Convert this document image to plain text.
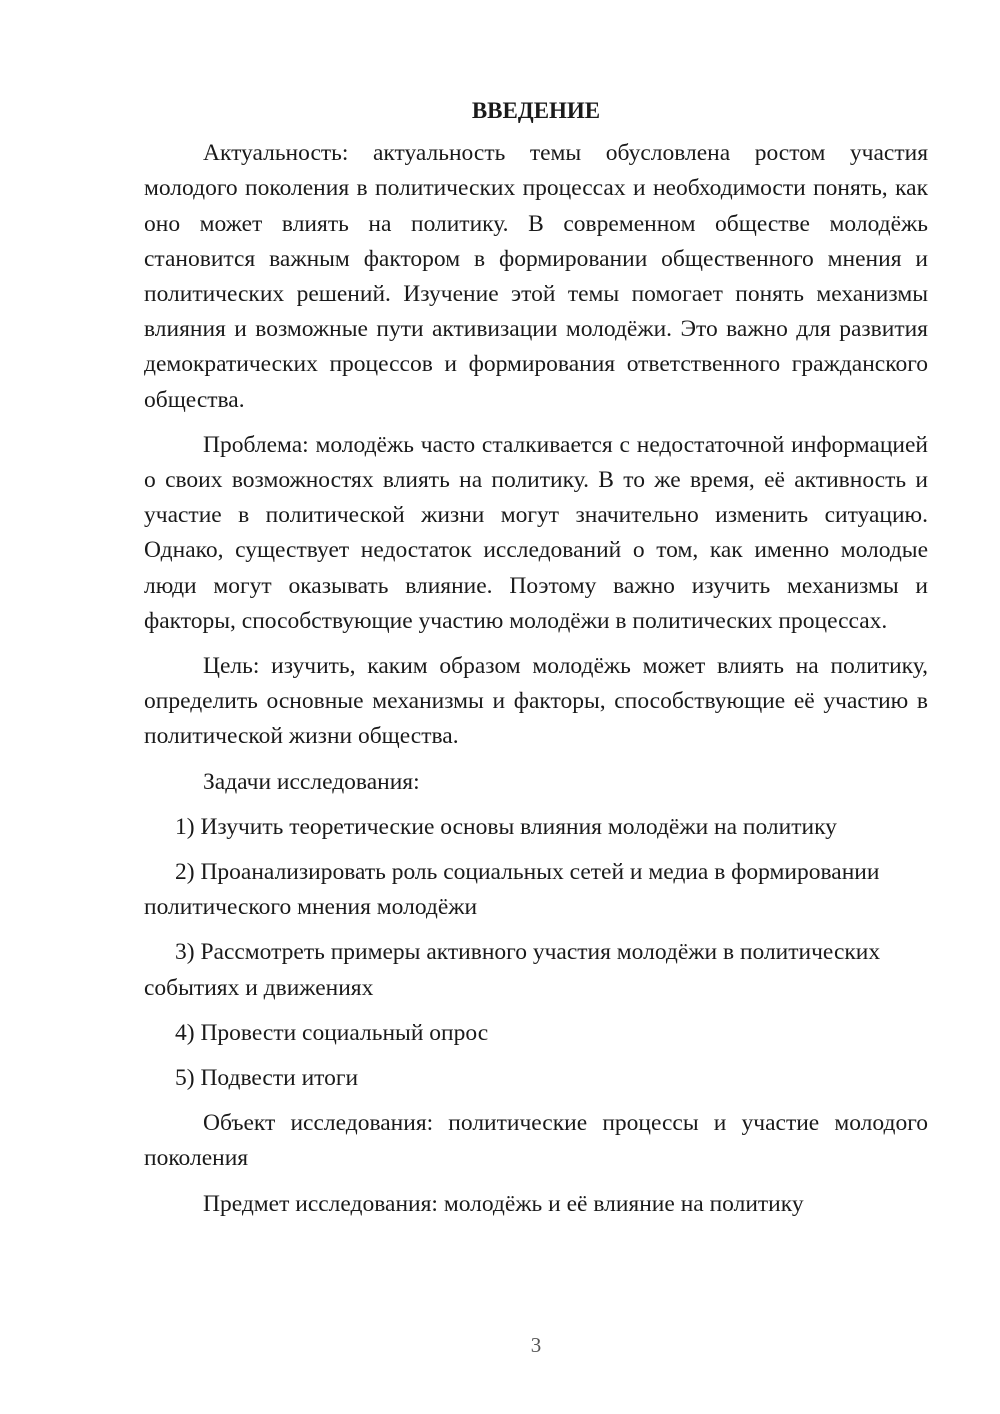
ВВЕДЕНИЕ

Актуальность: актуальность темы обусловлена ростом участия молодого поколения в политических процессах и необходимости понять, как оно может влиять на политику. В современном обществе молодёжь становится важным фактором в формировании общественного мнения и политических решений. Изучение этой темы помогает понять механизмы влияния и возможные пути активизации молодёжи. Это важно для развития демократических процессов и формирования ответственного гражданского общества.

Проблема: молодёжь часто сталкивается с недостаточной информацией о своих возможностях влиять на политику. В то же время, её активность и участие в политической жизни могут значительно изменить ситуацию. Однако, существует недостаток исследований о том, как именно молодые люди могут оказывать влияние. Поэтому важно изучить механизмы и факторы, способствующие участию молодёжи в политических процессах.

Цель: изучить, каким образом молодёжь может влиять на политику, определить основные механизмы и факторы, способствующие её участию в политической жизни общества.

Задачи исследования:

1) Изучить теоретические основы влияния молодёжи на политику

2) Проанализировать роль социальных сетей и медиа в формировании политического мнения молодёжи

3) Рассмотреть примеры активного участия молодёжи в политических событиях и движениях

4) Провести социальный опрос

5) Подвести итоги

Объект исследования: политические процессы и участие молодого поколения

Предмет исследования: молодёжь и её влияние на политику

3
